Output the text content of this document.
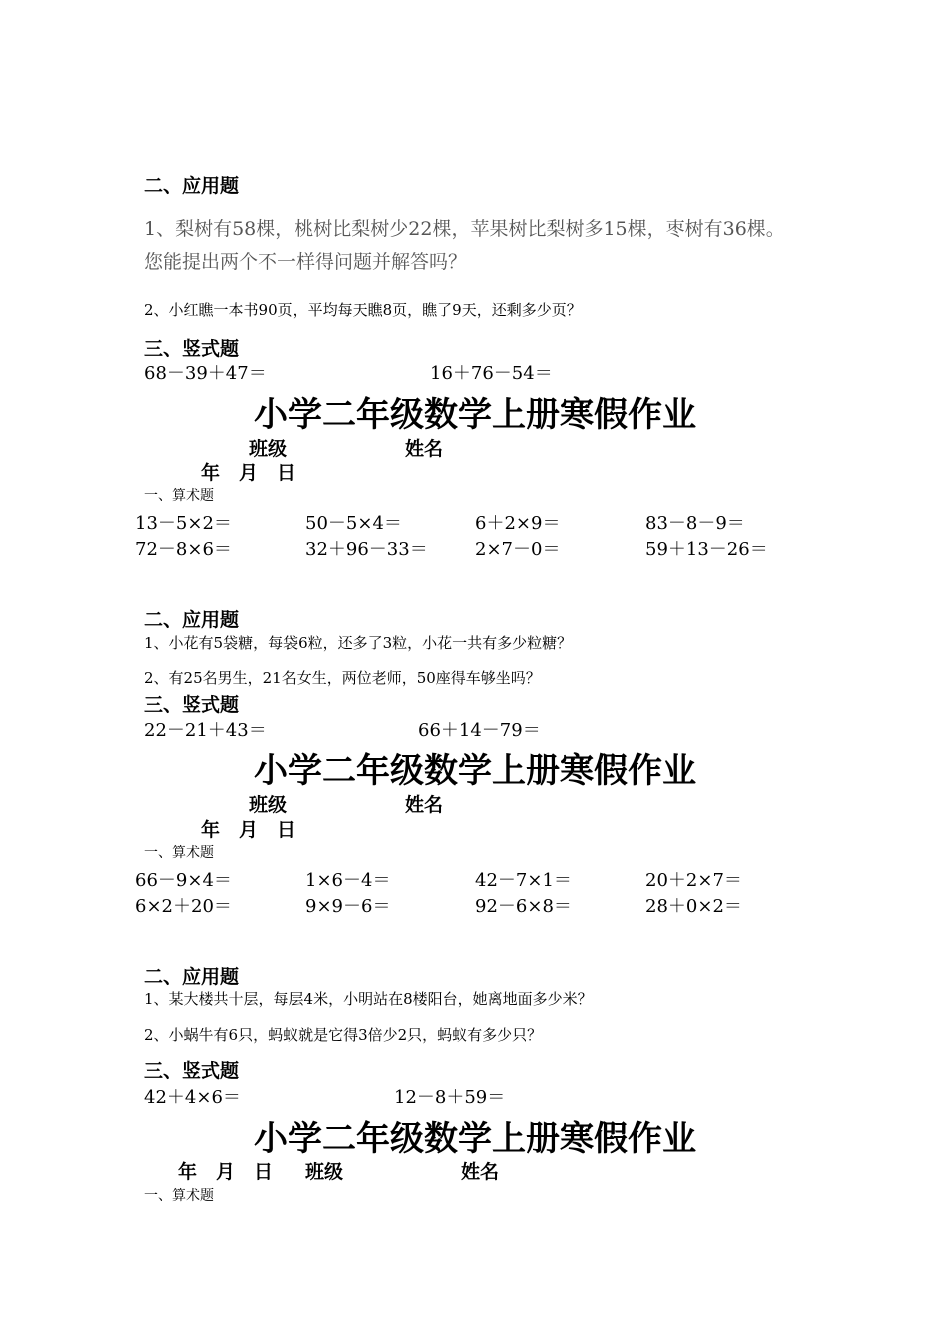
二、应用题
1、梨树有58棵，桃树比梨树少22棵，苹果树比梨树多15棵，枣树有36棵。您能提出两个不一样得问题并解答吗？
2、小红瞧一本书90页，平均每天瞧8页，瞧了9天，还剩多少页？
三、竖式题
68－39＋47＝	16＋76－54＝
小学二年级数学上册寒假作业
班级	姓名
年　月　日
一、算术题
13－5×2＝	50－5×4＝	6＋2×9＝	83－8－9＝
72－8×6＝	32＋96－33＝	2×7－0＝	59＋13－26＝
二、应用题
1、小花有5袋糖，每袋6粒，还多了3粒，小花一共有多少粒糖？
2、有25名男生，21名女生，两位老师，50座得车够坐吗？
三、竖式题
22－21＋43＝	66＋14－79＝
小学二年级数学上册寒假作业
班级	姓名
年　月　日
一、算术题
66－9×4＝	1×6－4＝	42－7×1＝	20＋2×7＝
6×2＋20＝	9×9－6＝	92－6×8＝	28＋0×2＝
二、应用题
1、某大楼共十层，每层4米，小明站在8楼阳台，她离地面多少米？
2、小蜗牛有6只，蚂蚁就是它得3倍少2只，蚂蚁有多少只？
三、竖式题
42＋4×6＝	12－8＋59＝
小学二年级数学上册寒假作业
年　月　日 班级	姓名
一、算术题
